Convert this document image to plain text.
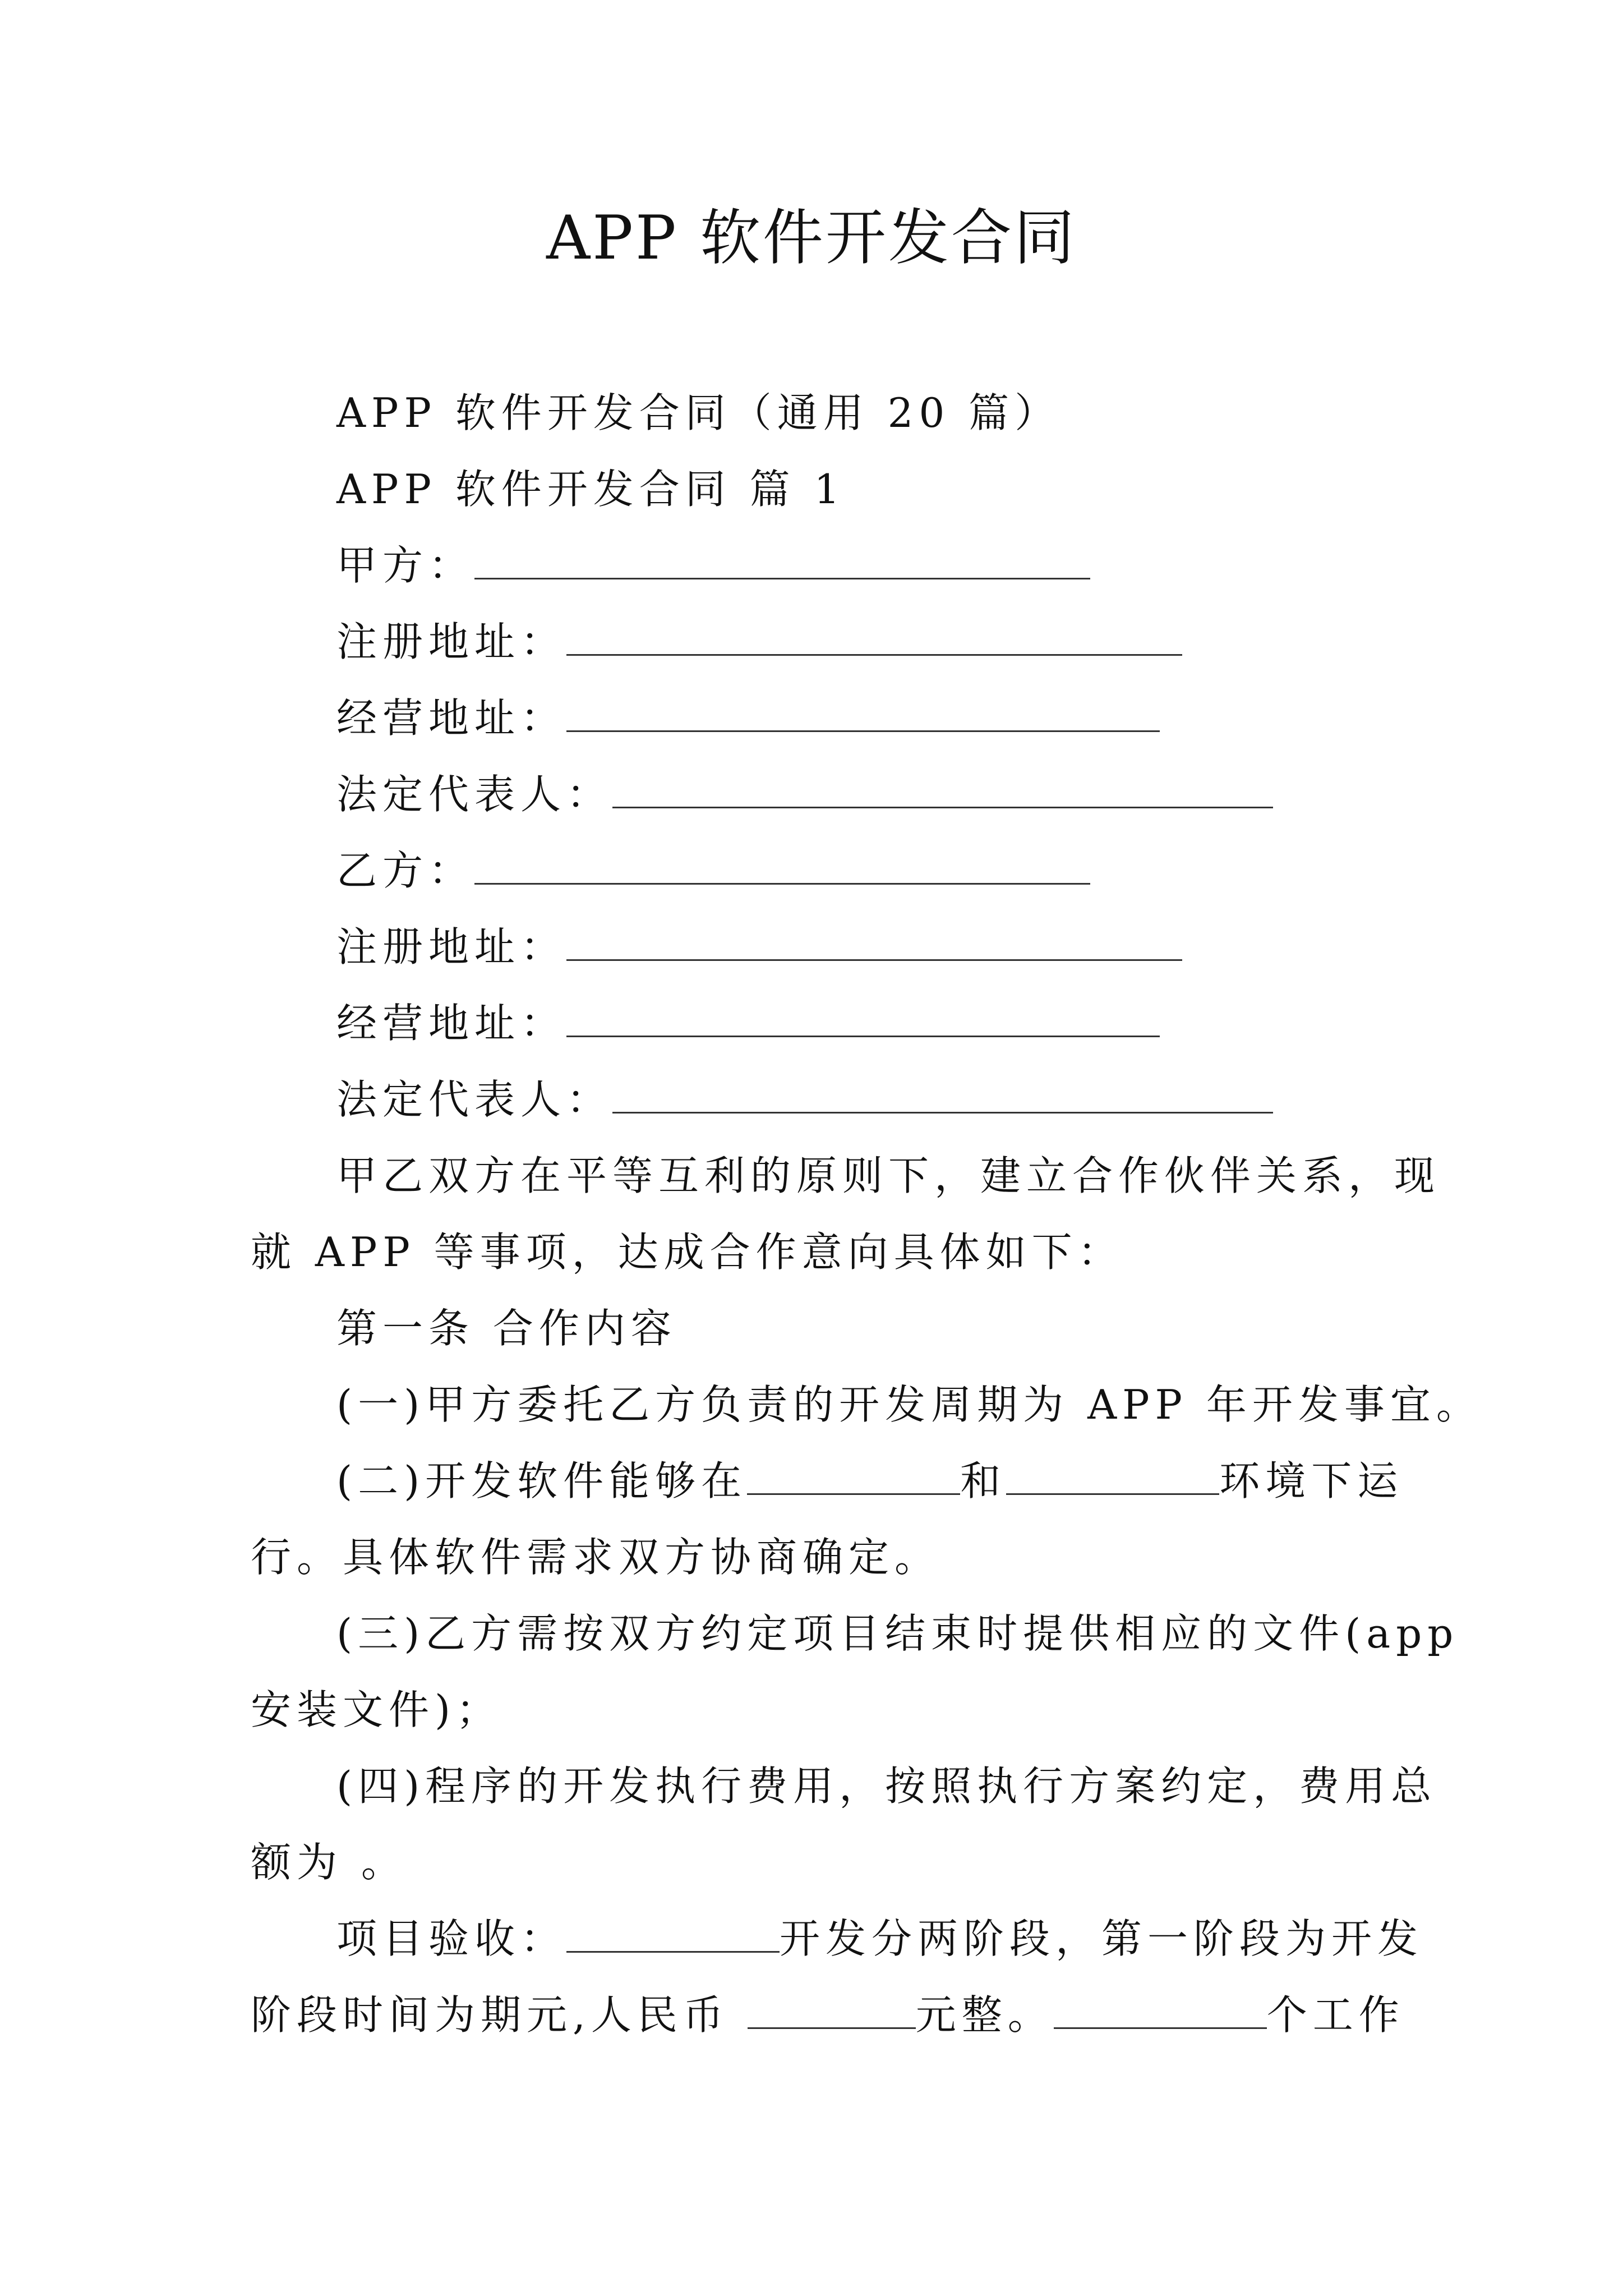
APP 软件开发合同
APP 软件开发合同（通用 20 篇）
APP 软件开发合同 篇 1
甲方：
注册地址：
经营地址：
法定代表人：
乙方：
注册地址：
经营地址：
法定代表人：
甲乙双方在平等互利的原则下，建立合作伙伴关系，现
就 APP 等事项，达成合作意向具体如下：
第一条 合作内容
(一)甲方委托乙方负责的开发周期为 APP 年开发事宜。
(二)开发软件能够在	和	环境下运
行。具体软件需求双方协商确定。
(三)乙方需按双方约定项目结束时提供相应的文件(app
安装文件)；
(四)程序的开发执行费用，按照执行方案约定，费用总
额为 。
项目验收：	开发分两阶段，第一阶段为开发
阶段时间为期元,人民币	元整。	个工作
